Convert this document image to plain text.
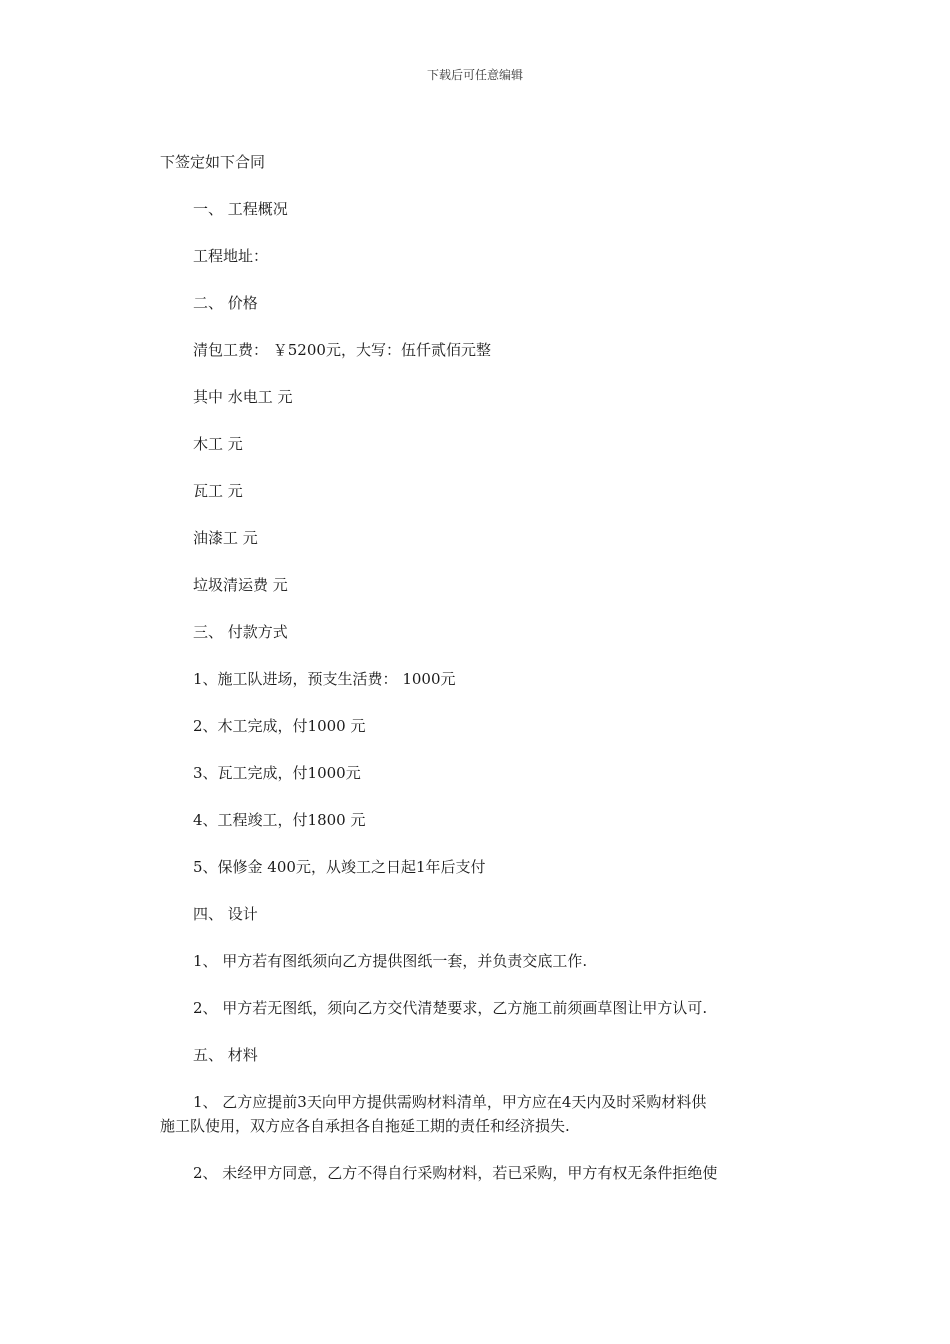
下载后可任意编辑
下签定如下合同
一、 工程概况
工程地址：
二、 价格
清包工费： ￥5200元，大写：伍仟贰佰元整
其中 水电工 元
木工 元
瓦工 元
油漆工 元
垃圾清运费 元
三、 付款方式
1、施工队进场，预支生活费： 1000元
2、木工完成，付1000 元
3、瓦工完成，付1000元
4、工程竣工，付1800 元
5、保修金 400元，从竣工之日起1年后支付
四、 设计
1、 甲方若有图纸须向乙方提供图纸一套，并负责交底工作.
2、 甲方若无图纸，须向乙方交代清楚要求，乙方施工前须画草图让甲方认可.
五、 材料
1、 乙方应提前3天向甲方提供需购材料清单，甲方应在4天内及时采购材料供
施工队使用，双方应各自承担各自拖延工期的责任和经济损失.
2、 未经甲方同意，乙方不得自行采购材料，若已采购，甲方有权无条件拒绝使
